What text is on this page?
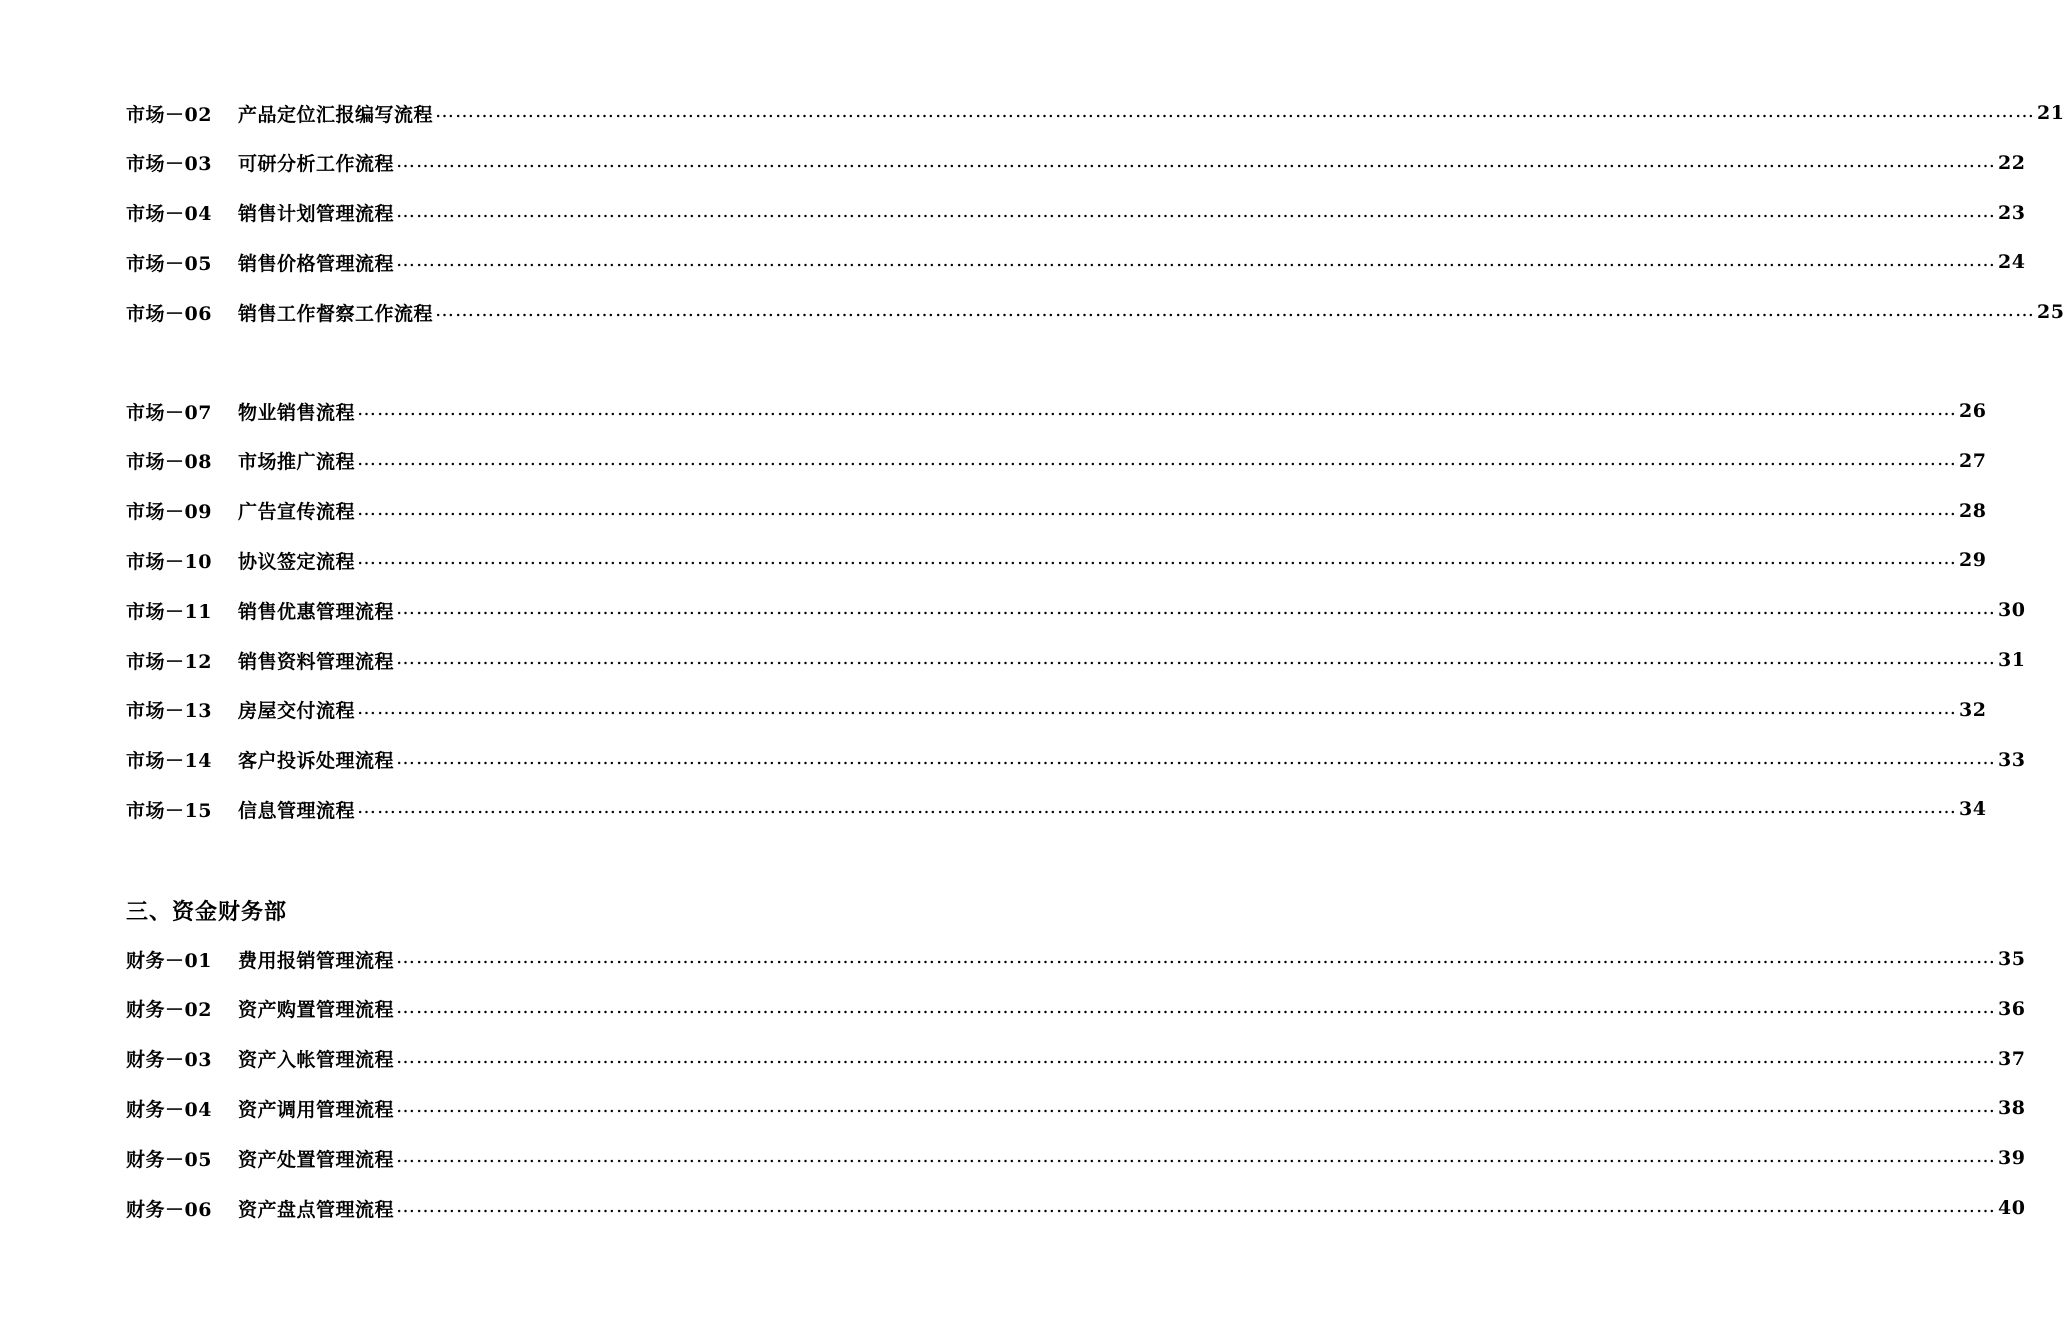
市场－02	产品定位汇报编写流程 …………………………………………………………………………………………………………………………………………………………………………………………………………………… 21
市场－03	可研分析工作流程 …………………………………………………………………………………………………………………………………………………………………………………………………………………… 22
市场－04	销售计划管理流程 …………………………………………………………………………………………………………………………………………………………………………………………………………………… 23
市场－05	销售价格管理流程 …………………………………………………………………………………………………………………………………………………………………………………………………………………… 24
市场－06	销售工作督察工作流程 …………………………………………………………………………………………………………………………………………………………………………………………………………………… 25
市场－07	物业销售流程 …………………………………………………………………………………………………………………………………………………………………………………………………………………… 26
市场－08	市场推广流程 …………………………………………………………………………………………………………………………………………………………………………………………………………………… 27
市场－09	广告宣传流程 …………………………………………………………………………………………………………………………………………………………………………………………………………………… 28
市场－10	协议签定流程 …………………………………………………………………………………………………………………………………………………………………………………………………………………… 29
市场－11	销售优惠管理流程 …………………………………………………………………………………………………………………………………………………………………………………………………………………… 30
市场－12	销售资料管理流程 …………………………………………………………………………………………………………………………………………………………………………………………………………………… 31
市场－13	房屋交付流程 …………………………………………………………………………………………………………………………………………………………………………………………………………………… 32
市场－14	客户投诉处理流程 …………………………………………………………………………………………………………………………………………………………………………………………………………………… 33
市场－15	信息管理流程 …………………………………………………………………………………………………………………………………………………………………………………………………………………… 34
三、资金财务部
财务－01	费用报销管理流程 …………………………………………………………………………………………………………………………………………………………………………………………………………………… 35
财务－02	资产购置管理流程 …………………………………………………………………………………………………………………………………………………………………………………………………………………… 36
财务－03	资产入帐管理流程 …………………………………………………………………………………………………………………………………………………………………………………………………………………… 37
财务－04	资产调用管理流程 …………………………………………………………………………………………………………………………………………………………………………………………………………………… 38
财务－05	资产处置管理流程 …………………………………………………………………………………………………………………………………………………………………………………………………………………… 39
财务－06	资产盘点管理流程 …………………………………………………………………………………………………………………………………………………………………………………………………………………… 40
